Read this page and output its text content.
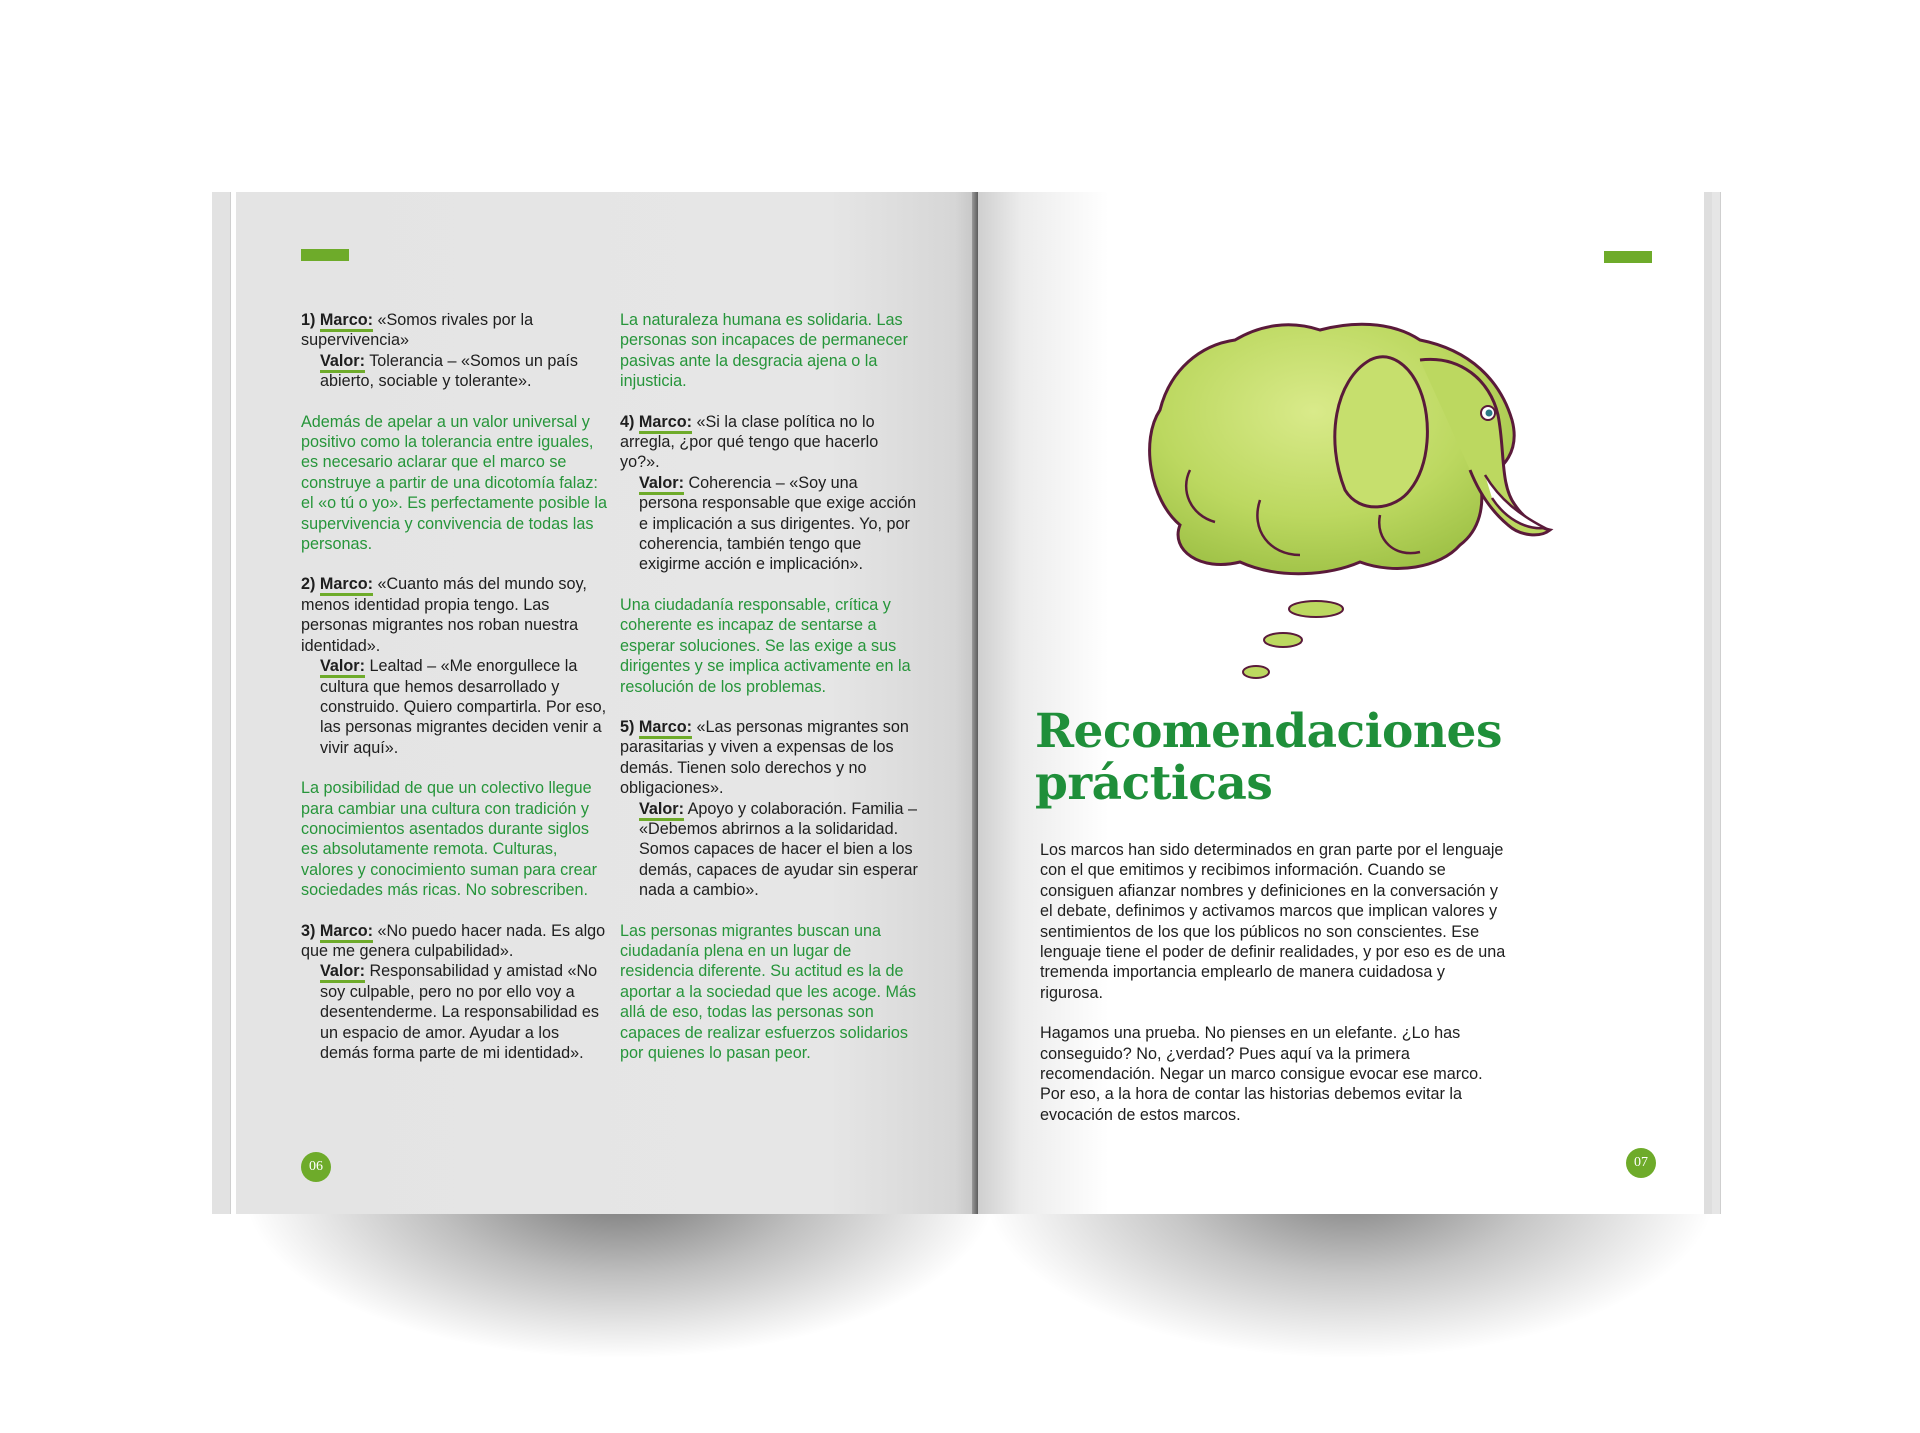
1) Marco: «Somos rivales por la supervivencia»
Valor: Tolerancia – «Somos un país abierto, sociable y tolerante».

Además de apelar a un valor universal y positivo como la tolerancia entre iguales, es necesario aclarar que el marco se construye a partir de una dicotomía falaz: el «o tú o yo». Es perfectamente posible la supervivencia y convivencia de todas las personas.

2) Marco: «Cuanto más del mundo soy, menos identidad propia tengo. Las personas migrantes nos roban nuestra identidad».
Valor: Lealtad – «Me enorgullece la cultura que hemos desarrollado y construido. Quiero compartirla. Por eso, las personas migrantes deciden venir a vivir aquí».

La posibilidad de que un colectivo llegue para cambiar una cultura con tradición y conocimientos asentados durante siglos es absolutamente remota. Culturas, valores y conocimiento suman para crear sociedades más ricas. No sobrescriben.

3) Marco: «No puedo hacer nada. Es algo que me genera culpabilidad».
Valor: Responsabilidad y amistad «No soy culpable, pero no por ello voy a desentenderme. La responsabilidad es un espacio de amor. Ayudar a los demás forma parte de mi identidad».

La naturaleza humana es solidaria. Las personas son incapaces de permanecer pasivas ante la desgracia ajena o la injusticia.

4) Marco: «Si la clase política no lo arregla, ¿por qué tengo que hacerlo yo?».
Valor: Coherencia – «Soy una persona responsable que exige acción e implicación a sus dirigentes. Yo, por coherencia, también tengo que exigirme acción e implicación».

Una ciudadanía responsable, crítica y coherente es incapaz de sentarse a esperar soluciones. Se las exige a sus dirigentes y se implica activamente en la resolución de los problemas.

5) Marco: «Las personas migrantes son parasitarias y viven a expensas de los demás. Tienen solo derechos y no obligaciones».
Valor: Apoyo y colaboración. Familia – «Debemos abrirnos a la solidaridad. Somos capaces de hacer el bien a los demás, capaces de ayudar sin esperar nada a cambio».

Las personas migrantes buscan una ciudadanía plena en un lugar de residencia diferente. Su actitud es la de aportar a la sociedad que les acoge. Más allá de eso, todas las personas son capaces de realizar esfuerzos solidarios por quienes lo pasan peor.

06	07
Recomendaciones
prácticas

Los marcos han sido determinados en gran parte por el lenguaje con el que emitimos y recibimos información. Cuando se consiguen afianzar nombres y definiciones en la conversación y el debate, definimos y activamos marcos que implican valores y sentimientos de los que los públicos no son conscientes. Ese lenguaje tiene el poder de definir realidades, y por eso es de una tremenda importancia emplearlo de manera cuidadosa y rigurosa.

Hagamos una prueba. No pienses en un elefante. ¿Lo has conseguido? No, ¿verdad? Pues aquí va la primera recomendación. Negar un marco consigue evocar ese marco. Por eso, a la hora de contar las historias debemos evitar la evocación de estos marcos.
